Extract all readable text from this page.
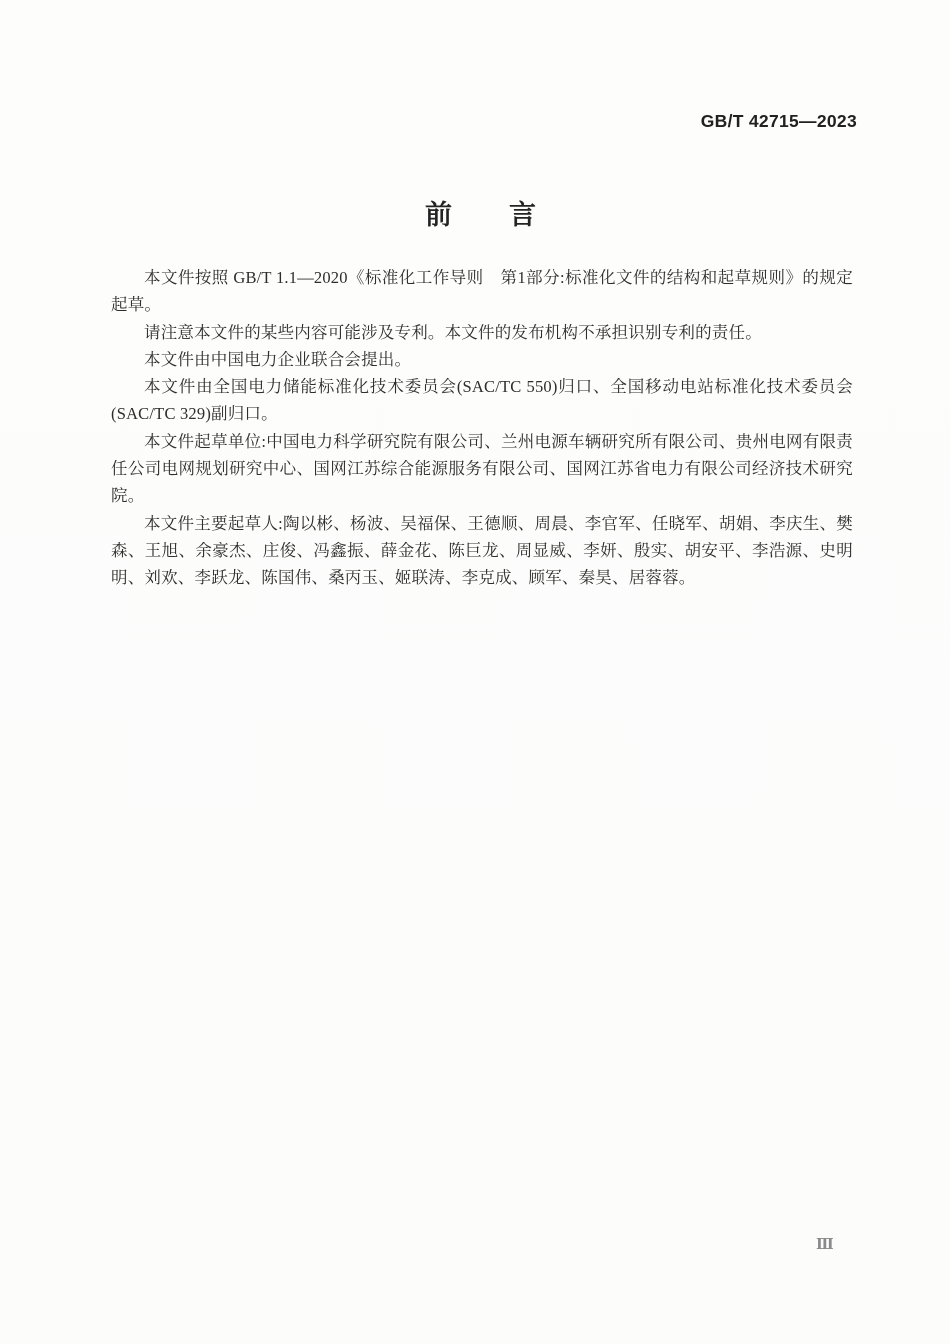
GB/T 42715—2023
前　　言

本文件按照 GB/T 1.1—2020《标准化工作导则　第1部分:标准化文件的结构和起草规则》的规定起草。

请注意本文件的某些内容可能涉及专利。本文件的发布机构不承担识别专利的责任。

本文件由中国电力企业联合会提出。

本文件由全国电力储能标准化技术委员会(SAC/TC 550)归口、全国移动电站标准化技术委员会(SAC/TC 329)副归口。

本文件起草单位:中国电力科学研究院有限公司、兰州电源车辆研究所有限公司、贵州电网有限责任公司电网规划研究中心、国网江苏综合能源服务有限公司、国网江苏省电力有限公司经济技术研究院。

本文件主要起草人:陶以彬、杨波、吴福保、王德顺、周晨、李官军、任晓军、胡娟、李庆生、樊森、王旭、余豪杰、庄俊、冯鑫振、薛金花、陈巨龙、周显威、李妍、殷实、胡安平、李浩源、史明明、刘欢、李跃龙、陈国伟、桑丙玉、姬联涛、李克成、顾军、秦昊、居蓉蓉。

Ⅲ
